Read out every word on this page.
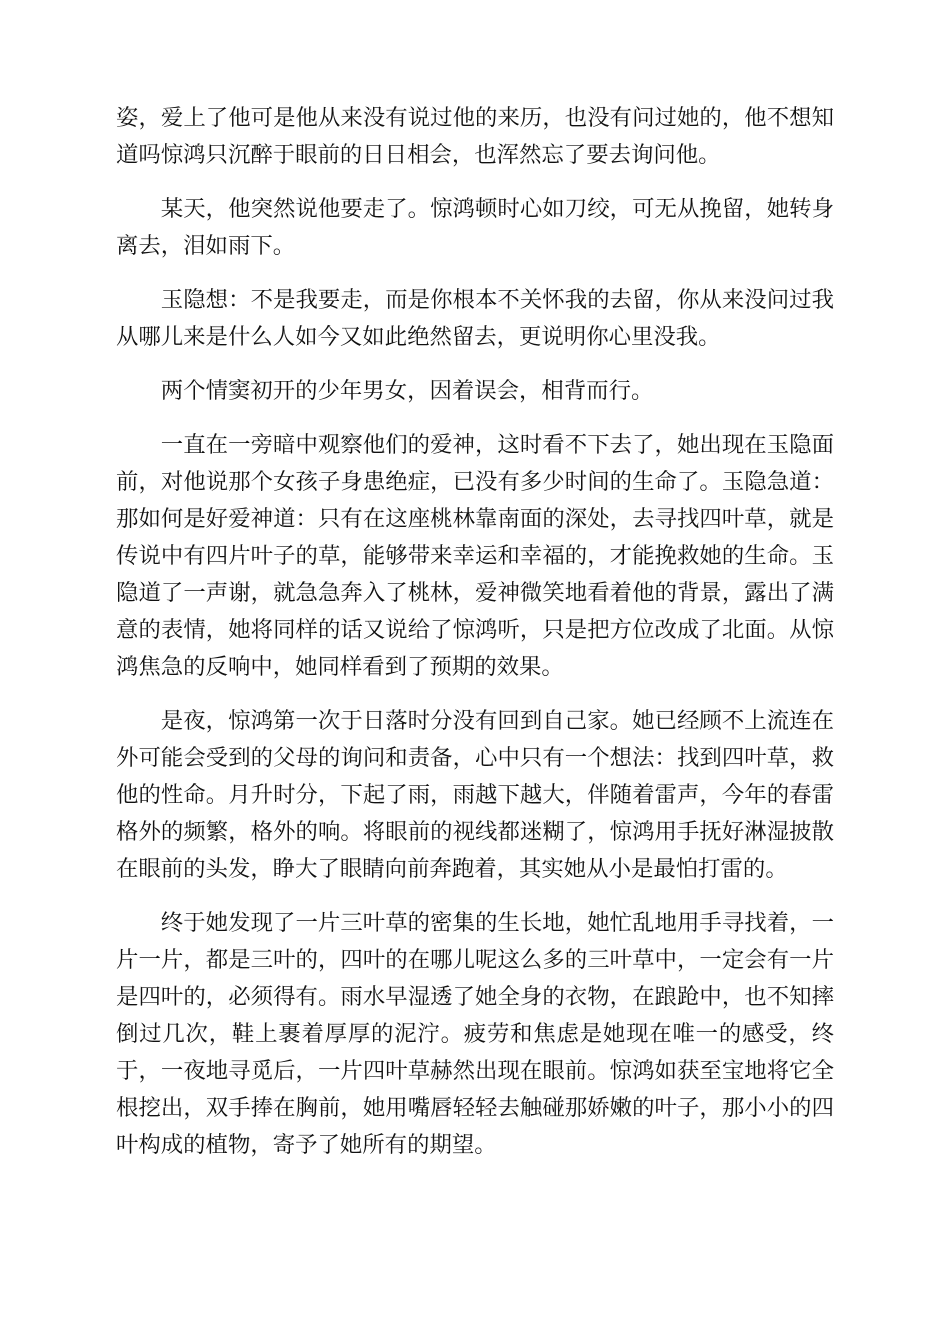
姿，爱上了他可是他从来没有说过他的来历，也没有问过她的，他不想知道吗惊鸿只沉醉于眼前的日日相会，也浑然忘了要去询问他。

某天，他突然说他要走了。惊鸿顿时心如刀绞，可无从挽留，她转身离去，泪如雨下。

玉隐想：不是我要走，而是你根本不关怀我的去留，你从来没问过我从哪儿来是什么人如今又如此绝然留去，更说明你心里没我。

两个情窦初开的少年男女，因着误会，相背而行。

一直在一旁暗中观察他们的爱神，这时看不下去了，她出现在玉隐面前，对他说那个女孩子身患绝症，已没有多少时间的生命了。玉隐急道：那如何是好爱神道：只有在这座桃林靠南面的深处，去寻找四叶草，就是传说中有四片叶子的草，能够带来幸运和幸福的，才能挽救她的生命。玉隐道了一声谢，就急急奔入了桃林，爱神微笑地看着他的背景，露出了满意的表情，她将同样的话又说给了惊鸿听，只是把方位改成了北面。从惊鸿焦急的反响中，她同样看到了预期的效果。

是夜，惊鸿第一次于日落时分没有回到自己家。她已经顾不上流连在外可能会受到的父母的询问和责备，心中只有一个想法：找到四叶草，救他的性命。月升时分，下起了雨，雨越下越大，伴随着雷声，今年的春雷格外的频繁，格外的响。将眼前的视线都迷糊了，惊鸿用手抚好淋湿披散在眼前的头发，睁大了眼睛向前奔跑着，其实她从小是最怕打雷的。

终于她发现了一片三叶草的密集的生长地，她忙乱地用手寻找着，一片一片，都是三叶的，四叶的在哪儿呢这么多的三叶草中，一定会有一片是四叶的，必须得有。雨水早湿透了她全身的衣物，在踉跄中，也不知摔倒过几次，鞋上裹着厚厚的泥泞。疲劳和焦虑是她现在唯一的感受，终于，一夜地寻觅后，一片四叶草赫然出现在眼前。惊鸿如获至宝地将它全根挖出，双手捧在胸前，她用嘴唇轻轻去触碰那娇嫩的叶子，那小小的四叶构成的植物，寄予了她所有的期望。
